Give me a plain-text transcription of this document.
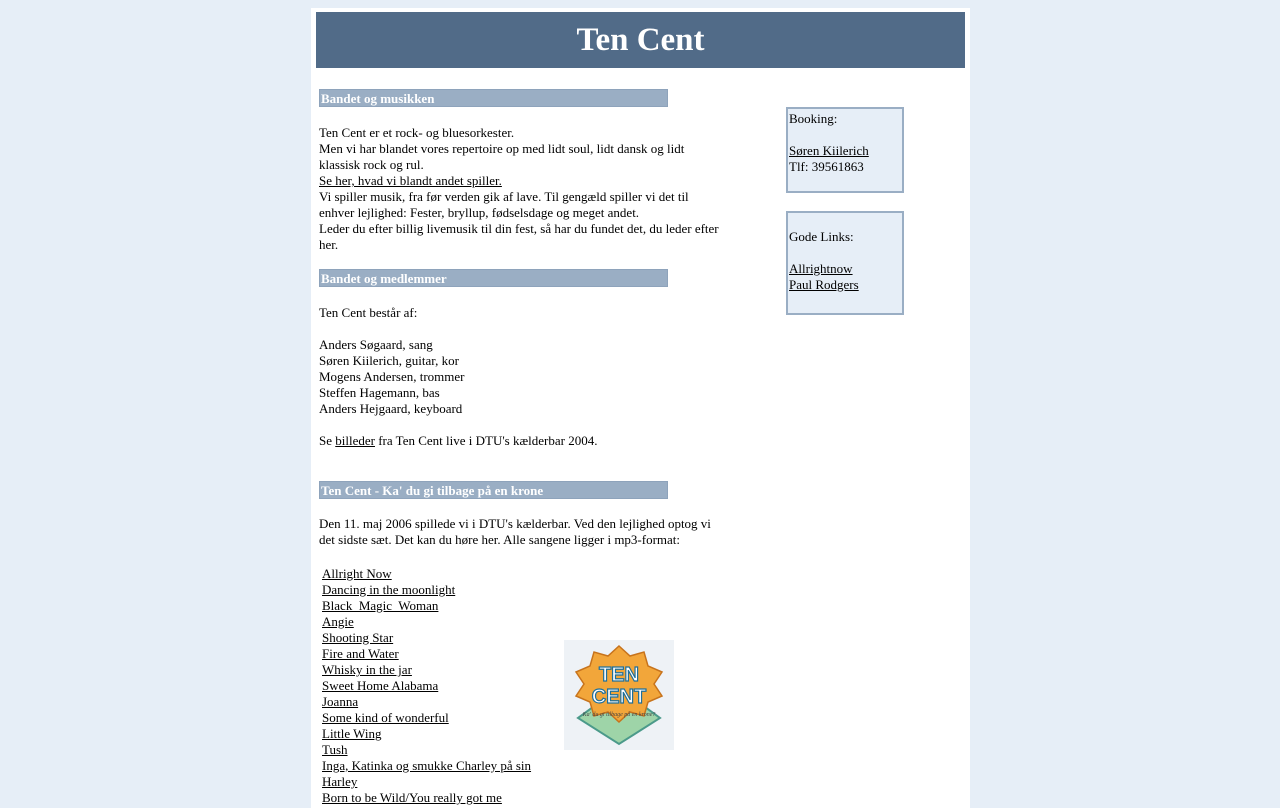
Ten Cent
Bandet og musikken

Ten Cent er et rock- og bluesorkester.

Men vi har blandet vores repertoire op med lidt soul, lidt dansk og lidt klassisk rock og rul.

Se her, hvad vi blandt andet spiller.

Vi spiller musik, fra før verden gik af lave. Til gengæld spiller vi det til enhver lejlighed: Fester, bryllup, fødselsdage og meget andet.

Leder du efter billig livemusik til din fest, så har du fundet det, du leder efter her.

Bandet og medlemmer

Ten Cent består af:

Anders Søgaard, sang

Søren Kiilerich, guitar, kor

Mogens Andersen, trommer

Steffen Hagemann, bas

Anders Hejgaard, keyboard

Se billeder fra Ten Cent live i DTU's kælderbar 2004.

Ten Cent - Ka' du gi tilbage på en krone

Den 11. maj 2006 spillede vi i DTU's kælderbar. Ved den lejlighed optog vi det sidste sæt. Det kan du høre her. Alle sangene ligger i mp3-format:

Allright Now
Dancing in the moonlight
Black  Magic  Woman
Angie
Shooting Star
Fire and Water
Whisky in the jar
Sweet Home Alabama
Joanna
Some kind of wonderful
Little Wing
Tush
Inga, Katinka og smukke Charley på sin Harley
Born to be Wild/You really got me
TEN
CENT
Ka' du gi tilbage på en krone?
Booking:

Søren Kiilerich
Tlf: 39561863

Gode Links:

Allrightnow
Paul Rodgers
